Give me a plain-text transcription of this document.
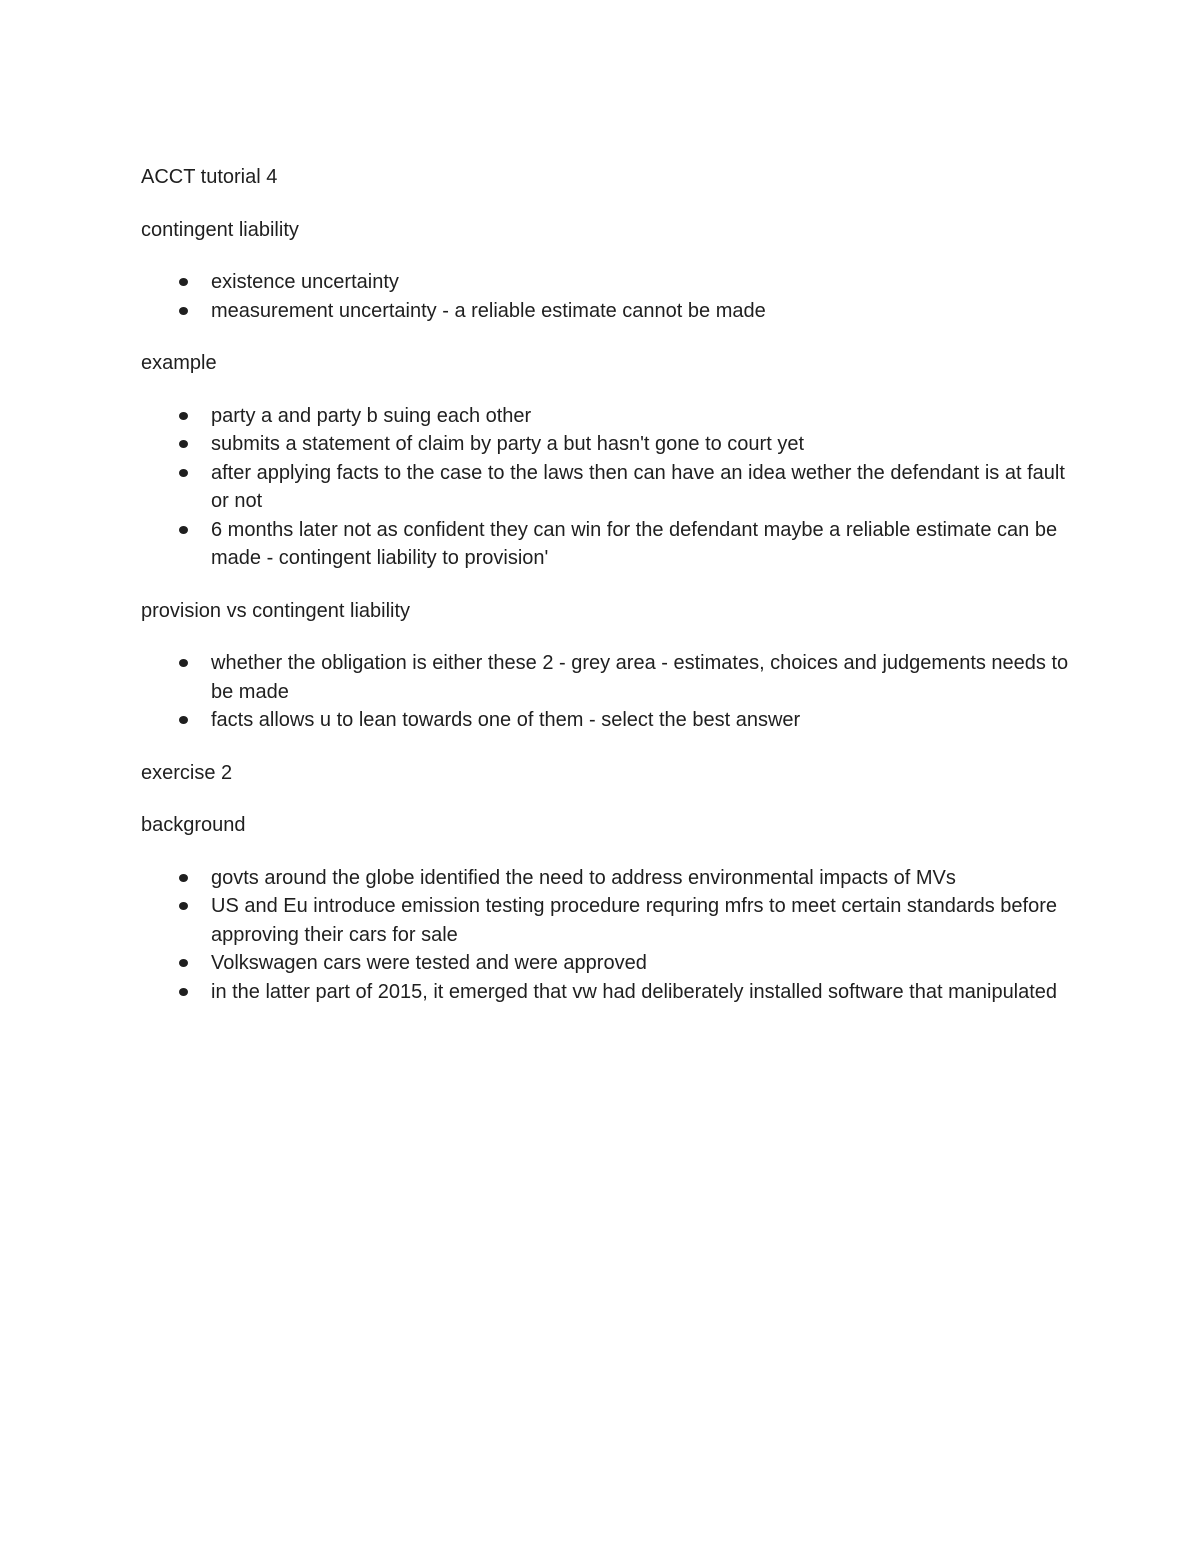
ACCT tutorial 4

contingent liability

existence uncertainty
measurement uncertainty - a reliable estimate cannot be made

example

party a and party b suing each other
submits a statement of claim by party a but hasn't gone to court yet
after applying facts to the case to the laws then can have an idea wether the defendant is at fault or not
6 months later not as confident they can win for the defendant maybe a reliable estimate can be made - contingent liability to provision'

provision vs contingent liability

whether the obligation is either these 2 - grey area - estimates, choices and judgements needs to be made
facts allows u to lean towards one of them - select the best answer

exercise 2

background

govts around the globe identified the need to address environmental impacts of MVs
US and Eu introduce emission testing procedure requring mfrs to meet certain standards before approving their cars for sale
Volkswagen cars were tested and were approved
in the latter part of 2015, it emerged that vw had deliberately installed software that manipulated
